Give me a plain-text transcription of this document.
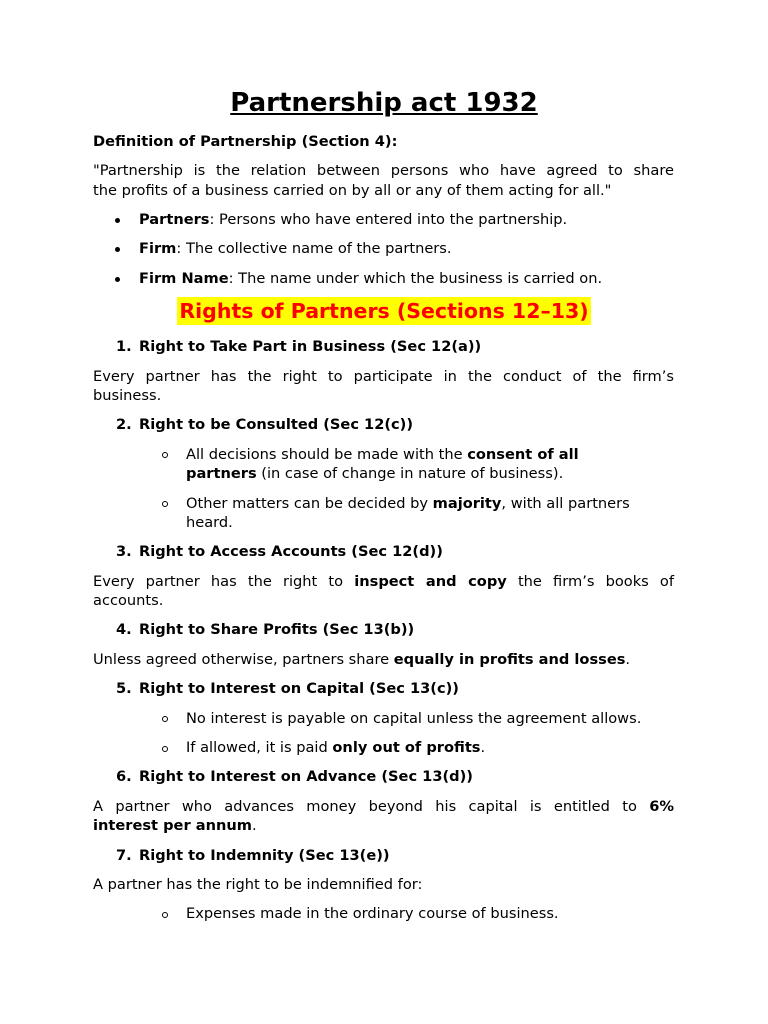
Partnership act 1932
Definition of Partnership (Section 4):
"Partnership is the relation between persons who have agreed to share
the profits of a business carried on by all or any of them acting for all."
Partners: Persons who have entered into the partnership.
Firm: The collective name of the partners.
Firm Name: The name under which the business is carried on.
Rights of Partners (Sections 12–13)
1. Right to Take Part in Business (Sec 12(a))
Every partner has the right to participate in the conduct of the firm’s
business.
2. Right to be Consulted (Sec 12(c))
All decisions should be made with the consent of all
partners (in case of change in nature of business).
Other matters can be decided by majority, with all partners
heard.
3. Right to Access Accounts (Sec 12(d))
Every partner has the right to inspect and copy the firm’s books of
accounts.
4. Right to Share Profits (Sec 13(b))
Unless agreed otherwise, partners share equally in profits and losses.
5. Right to Interest on Capital (Sec 13(c))
No interest is payable on capital unless the agreement allows.
If allowed, it is paid only out of profits.
6. Right to Interest on Advance (Sec 13(d))
A partner who advances money beyond his capital is entitled to 6%
interest per annum.
7. Right to Indemnity (Sec 13(e))
A partner has the right to be indemnified for:
Expenses made in the ordinary course of business.
